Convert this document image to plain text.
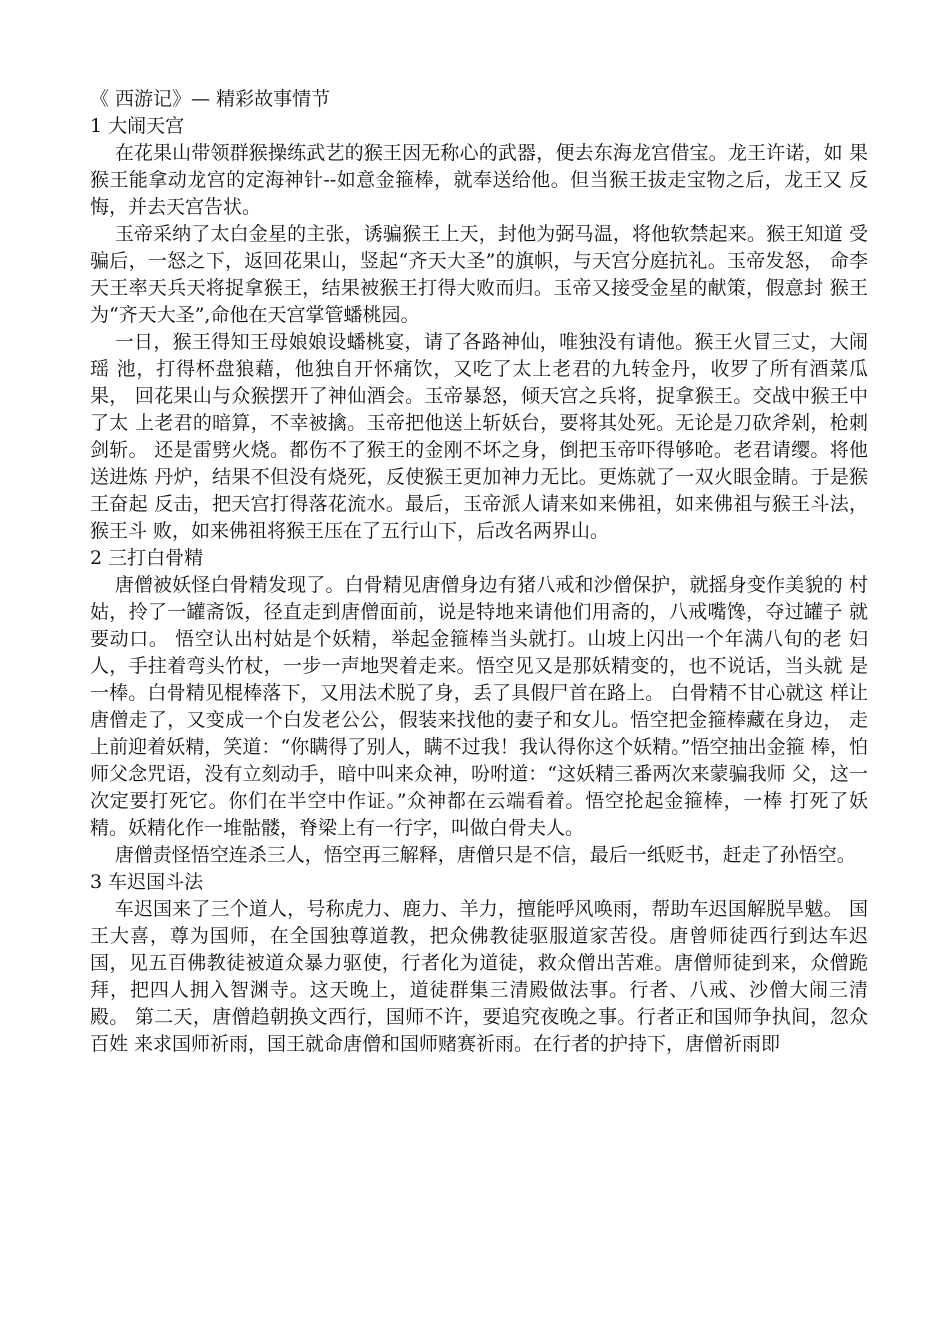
《 西游记》— 精彩故事情节
1 大闹天宫

在花果山带领群猴操练武艺的猴王因无称心的武器，便去东海龙宫借宝。龙王许诺，如 果猴王能拿动龙宫的定海神针--如意金箍棒，就奉送给他。但当猴王拔走宝物之后，龙王又 反悔，并去天宫告状。

玉帝采纳了太白金星的主张，诱骗猴王上天，封他为弼马温，将他软禁起来。猴王知道 受骗后，一怒之下，返回花果山，竖起“齐天大圣”的旗帜，与天宫分庭抗礼。玉帝发怒， 命李天王率天兵天将捉拿猴王，结果被猴王打得大败而归。玉帝又接受金星的献策，假意封 猴王为“齐天大圣”,命他在天宫掌管蟠桃园。

一日，猴王得知王母娘娘设蟠桃宴，请了各路神仙，唯独没有请他。猴王火冒三丈，大闹瑶 池，打得杯盘狼藉，他独自开怀痛饮，又吃了太上老君的九转金丹，收罗了所有酒菜瓜果， 回花果山与众猴摆开了神仙酒会。玉帝暴怒，倾天宫之兵将，捉拿猴王。交战中猴王中了太 上老君的暗算，不幸被擒。玉帝把他送上斩妖台，要将其处死。无论是刀砍斧剁，枪刺剑斩。 还是雷劈火烧。都伤不了猴王的金刚不坏之身，倒把玉帝吓得够呛。老君请缨。将他送进炼 丹炉，结果不但没有烧死，反使猴王更加神力无比。更炼就了一双火眼金睛。于是猴王奋起 反击，把天宫打得落花流水。最后，玉帝派人请来如来佛祖，如来佛祖与猴王斗法，猴王斗 败，如来佛祖将猴王压在了五行山下，后改名两界山。

2 三打白骨精

唐僧被妖怪白骨精发现了。白骨精见唐僧身边有猪八戒和沙僧保护，就摇身变作美貌的 村姑，拎了一罐斋饭，径直走到唐僧面前，说是特地来请他们用斋的，八戒嘴馋，夺过罐子 就要动口。 悟空认出村姑是个妖精，举起金箍棒当头就打。山坡上闪出一个年满八旬的老 妇人，手拄着弯头竹杖，一步一声地哭着走来。悟空见又是那妖精变的，也不说话，当头就 是一棒。白骨精见棍棒落下，又用法术脱了身，丢了具假尸首在路上。 白骨精不甘心就这 样让唐僧走了，又变成一个白发老公公，假装来找他的妻子和女儿。悟空把金箍棒藏在身边， 走上前迎着妖精，笑道：“你瞒得了别人，瞒不过我！我认得你这个妖精。”悟空抽出金箍 棒，怕师父念咒语，没有立刻动手，暗中叫来众神，吩咐道：“这妖精三番两次来蒙骗我师 父，这一次定要打死它。你们在半空中作证。”众神都在云端看着。悟空抡起金箍棒，一棒 打死了妖精。妖精化作一堆骷髅，脊梁上有一行字，叫做白骨夫人。

唐僧责怪悟空连杀三人，悟空再三解释，唐僧只是不信，最后一纸贬书，赶走了孙悟空。

3 车迟国斗法

车迟国来了三个道人，号称虎力、鹿力、羊力，擅能呼风唤雨，帮助车迟国解脱旱魃。 国王大喜，尊为国师，在全国独尊道教，把众佛教徒驱服道家苦役。唐曾师徒西行到达车迟 国，见五百佛教徒被道众暴力驱使，行者化为道徒，救众僧出苦难。唐僧师徒到来，众僧跪 拜，把四人拥入智渊寺。这天晚上，道徒群集三清殿做法事。行者、八戒、沙僧大闹三清殿。 第二天，唐僧趋朝换文西行，国师不许，要追究夜晚之事。行者正和国师争执间，忽众百姓 来求国师祈雨，国王就命唐僧和国师赌赛祈雨。在行者的护持下，唐僧祈雨即
